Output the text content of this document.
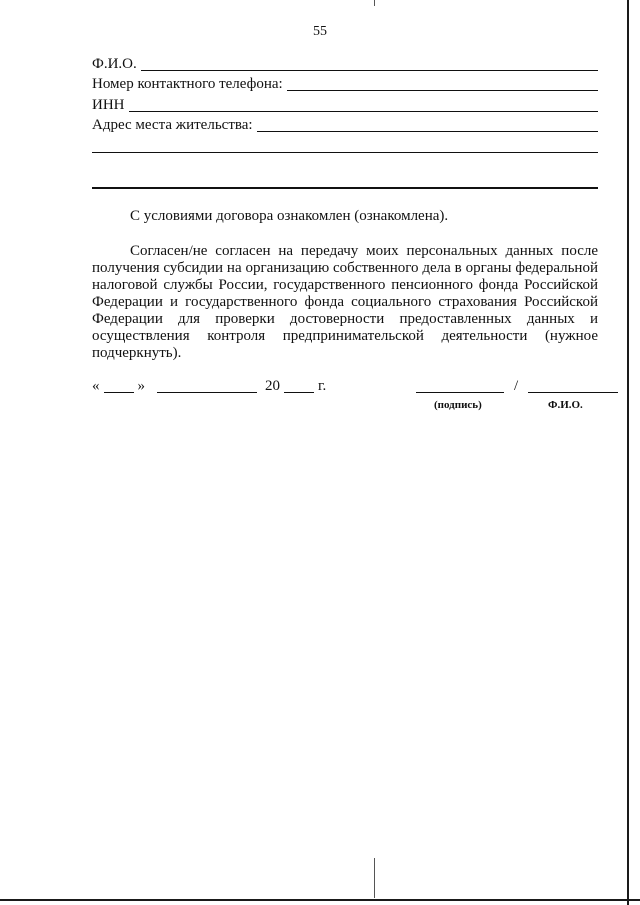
55
Ф.И.О.
Номер контактного телефона:
ИНН
Адрес места жительства:
С условиями договора ознакомлен (ознакомлена).
Согласен/не согласен на передачу моих персональных данных после получения субсидии на организацию собственного дела в органы федеральной налоговой службы России, государственного пенсионного фонда Российской Федерации и государственного фонда социального страхования Российской Федерации для проверки достоверности предоставленных данных и осуществления контроля предпринимательской деятельности (нужное подчеркнуть).
«	»	20	г.	/
(подпись)	Ф.И.О.
